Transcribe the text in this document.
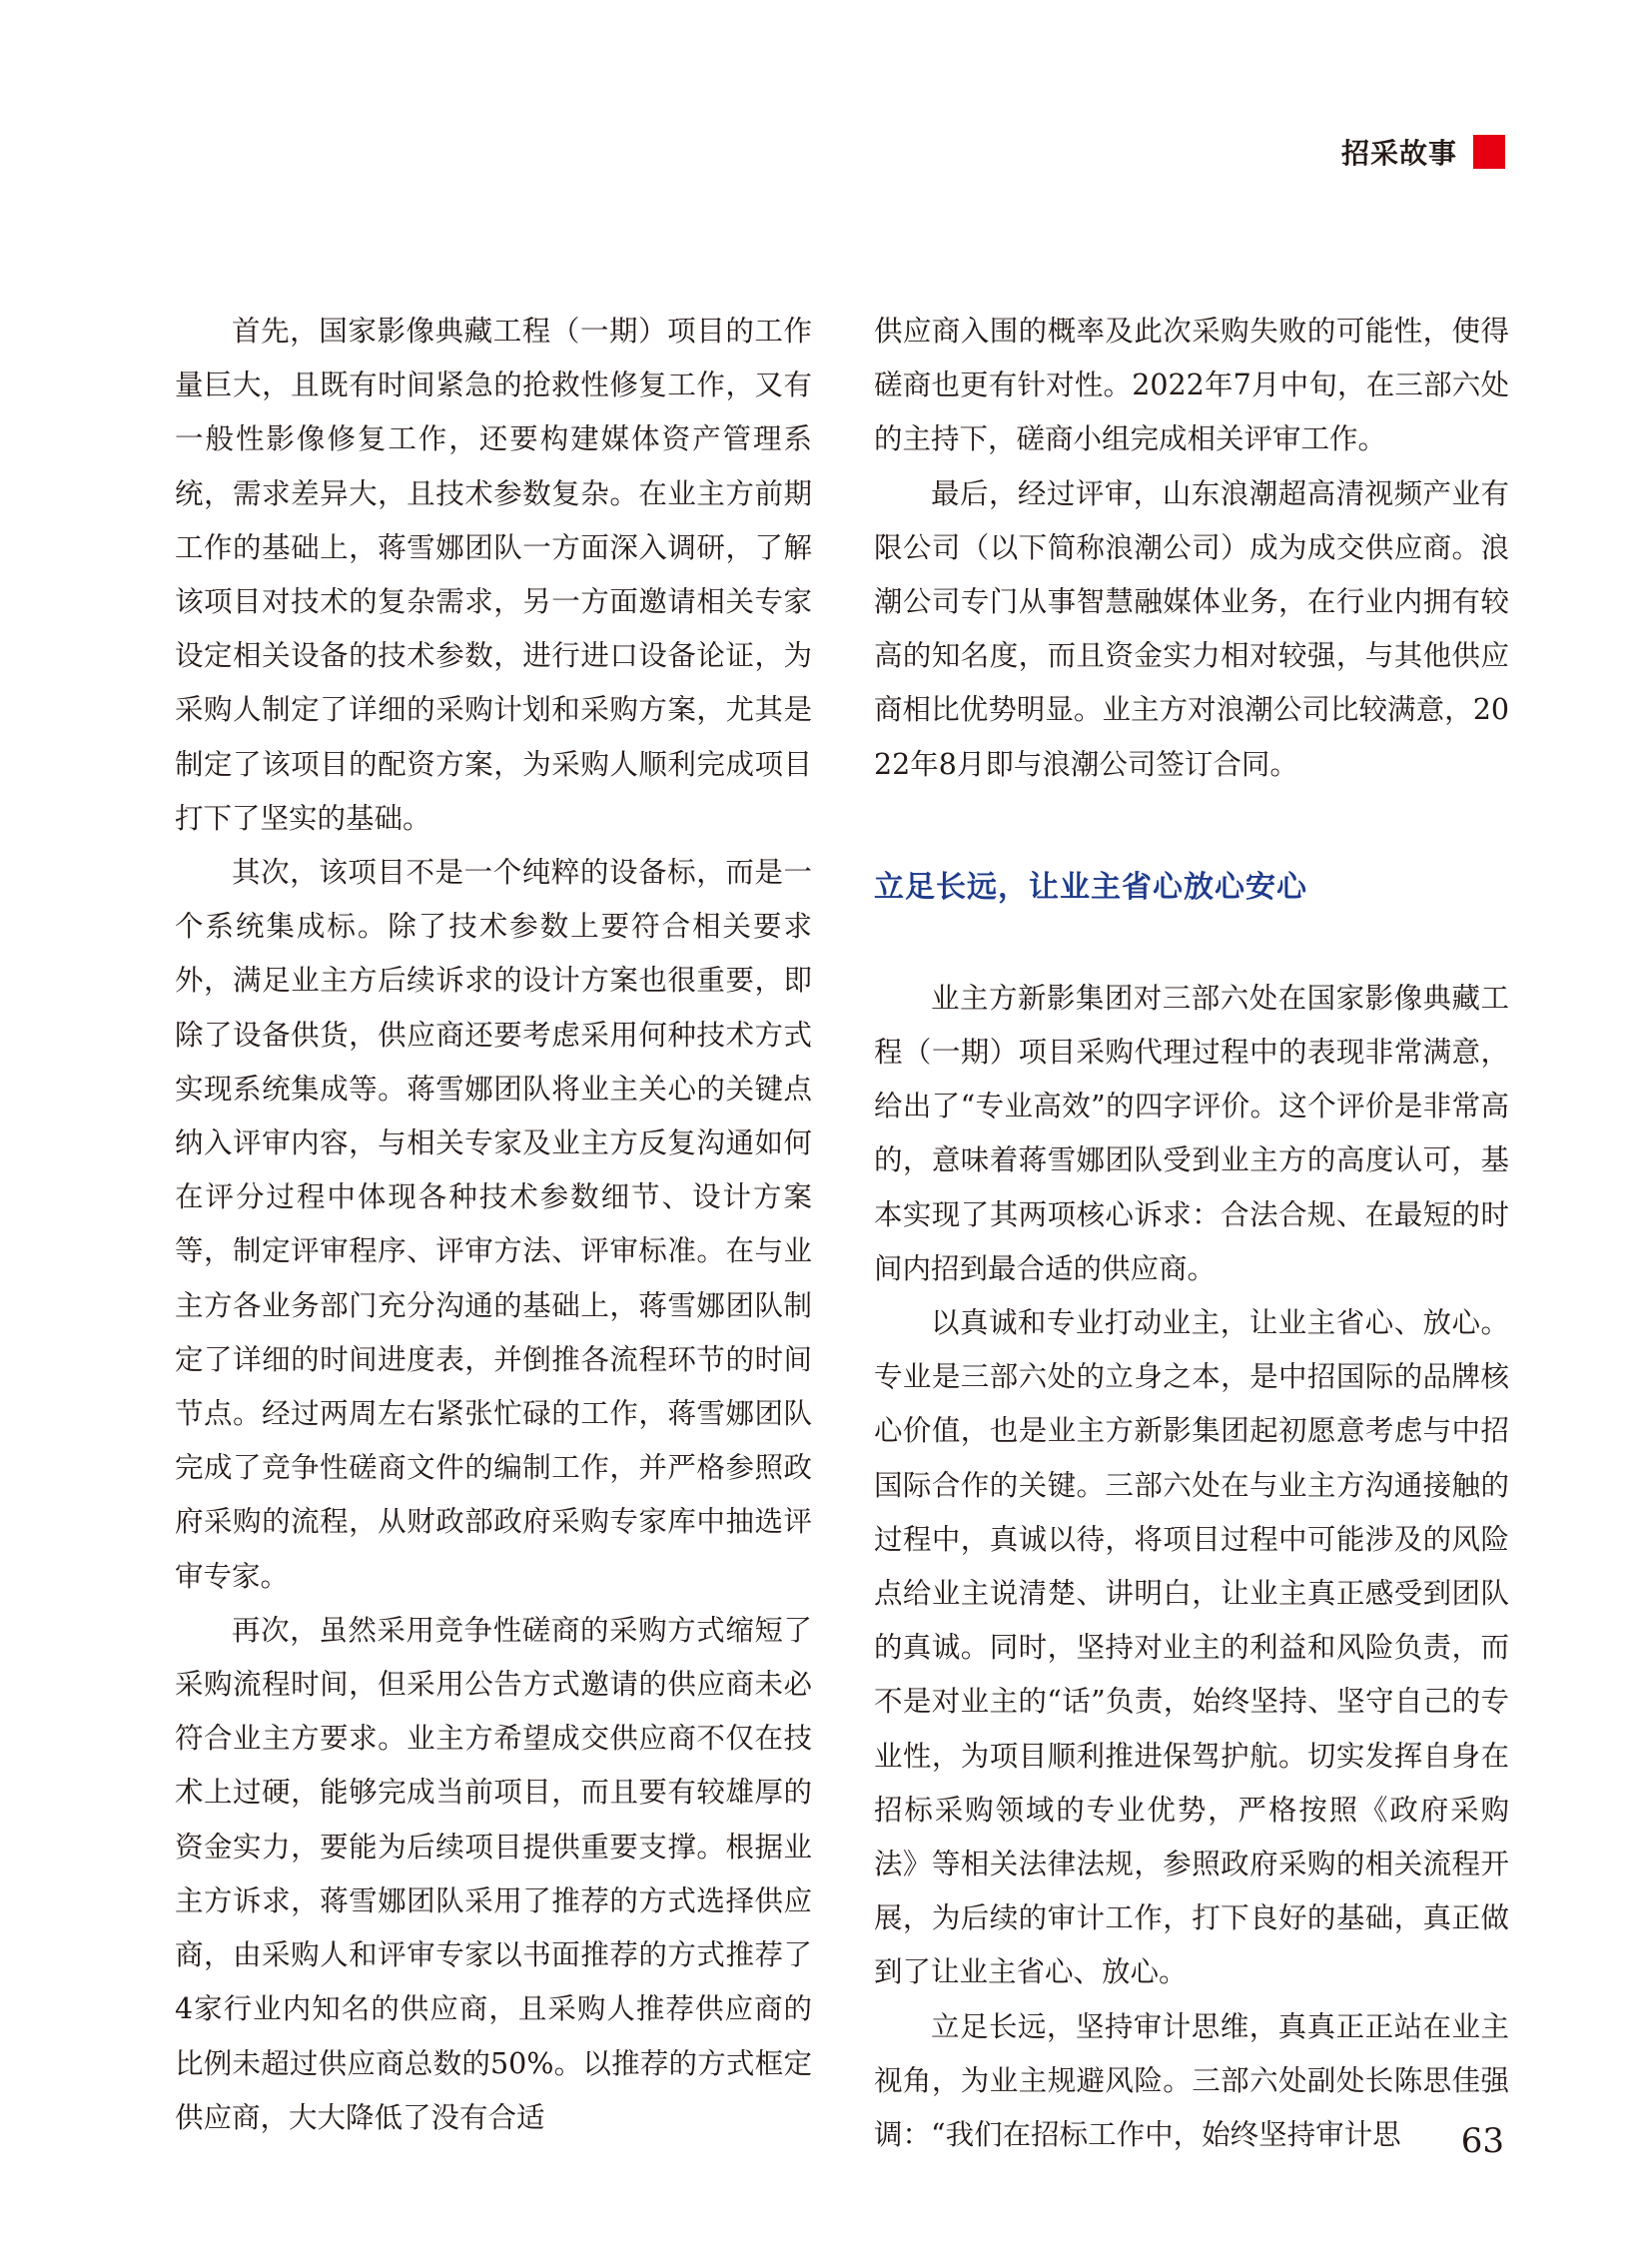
招采故事

首先，国家影像典藏工程（一期）项目的工作量巨大，且既有时间紧急的抢救性修复工作，又有一般性影像修复工作，还要构建媒体资产管理系统，需求差异大，且技术参数复杂。在业主方前期工作的基础上，蒋雪娜团队一方面深入调研，了解该项目对技术的复杂需求，另一方面邀请相关专家设定相关设备的技术参数，进行进口设备论证，为采购人制定了详细的采购计划和采购方案，尤其是制定了该项目的配资方案，为采购人顺利完成项目打下了坚实的基础。

其次，该项目不是一个纯粹的设备标，而是一个系统集成标。除了技术参数上要符合相关要求外，满足业主方后续诉求的设计方案也很重要，即除了设备供货，供应商还要考虑采用何种技术方式实现系统集成等。蒋雪娜团队将业主关心的关键点纳入评审内容，与相关专家及业主方反复沟通如何在评分过程中体现各种技术参数细节、设计方案等，制定评审程序、评审方法、评审标准。在与业主方各业务部门充分沟通的基础上，蒋雪娜团队制定了详细的时间进度表，并倒推各流程环节的时间节点。经过两周左右紧张忙碌的工作，蒋雪娜团队完成了竞争性磋商文件的编制工作，并严格参照政府采购的流程，从财政部政府采购专家库中抽选评审专家。

再次，虽然采用竞争性磋商的采购方式缩短了采购流程时间，但采用公告方式邀请的供应商未必符合业主方要求。业主方希望成交供应商不仅在技术上过硬，能够完成当前项目，而且要有较雄厚的资金实力，要能为后续项目提供重要支撑。根据业主方诉求，蒋雪娜团队采用了推荐的方式选择供应商，由采购人和评审专家以书面推荐的方式推荐了4家行业内知名的供应商，且采购人推荐供应商的比例未超过供应商总数的50%。以推荐的方式框定供应商，大大降低了没有合适

供应商入围的概率及此次采购失败的可能性，使得磋商也更有针对性。2022年7月中旬，在三部六处的主持下，磋商小组完成相关评审工作。

最后，经过评审，山东浪潮超高清视频产业有限公司（以下简称浪潮公司）成为成交供应商。浪潮公司专门从事智慧融媒体业务，在行业内拥有较高的知名度，而且资金实力相对较强，与其他供应商相比优势明显。业主方对浪潮公司比较满意，2022年8月即与浪潮公司签订合同。

立足长远，让业主省心放心安心

业主方新影集团对三部六处在国家影像典藏工程（一期）项目采购代理过程中的表现非常满意，给出了“专业高效”的四字评价。这个评价是非常高的，意味着蒋雪娜团队受到业主方的高度认可，基本实现了其两项核心诉求：合法合规、在最短的时间内招到最合适的供应商。

以真诚和专业打动业主，让业主省心、放心。专业是三部六处的立身之本，是中招国际的品牌核心价值，也是业主方新影集团起初愿意考虑与中招国际合作的关键。三部六处在与业主方沟通接触的过程中，真诚以待，将项目过程中可能涉及的风险点给业主说清楚、讲明白，让业主真正感受到团队的真诚。同时，坚持对业主的利益和风险负责，而不是对业主的“话”负责，始终坚持、坚守自己的专业性，为项目顺利推进保驾护航。切实发挥自身在招标采购领域的专业优势，严格按照《政府采购法》等相关法律法规，参照政府采购的相关流程开展，为后续的审计工作，打下良好的基础，真正做到了让业主省心、放心。

立足长远，坚持审计思维，真真正正站在业主视角，为业主规避风险。三部六处副处长陈思佳强调：“我们在招标工作中，始终坚持审计思	63
